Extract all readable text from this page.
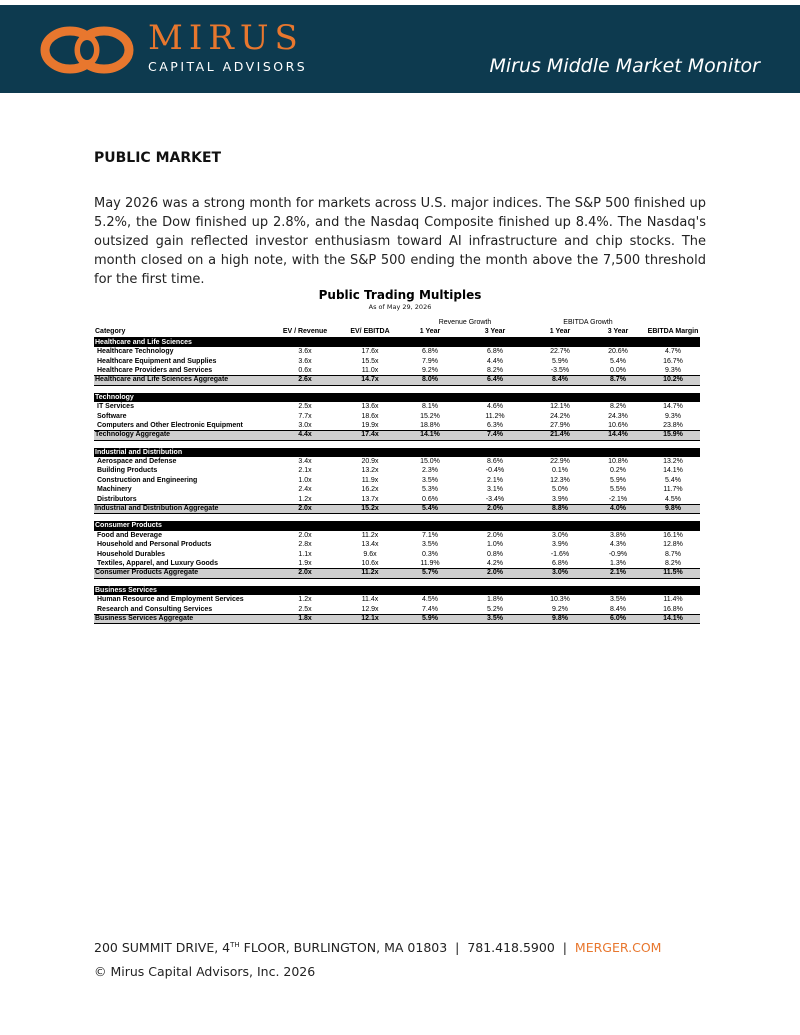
MIRUS
CAPITAL ADVISORS	Mirus Middle Market Monitor
PUBLIC MARKET
May 2026 was a strong month for markets across U.S. major indices. The S&P 500 finished up 5.2%, the Dow finished up 2.8%, and the Nasdaq Composite finished up 8.4%. The Nasdaq's outsized gain reflected investor enthusiasm toward AI infrastructure and chip stocks. The month closed on a high note, with the S&P 500 ending the month above the 7,500 threshold for the first time.
Public Trading Multiples
As of May 29, 2026
Revenue Growth	EBITDA Growth
Category	EV / Revenue	EV/ EBITDA	1 Year	3 Year	1 Year	3 Year	EBITDA Margin
Healthcare and Life Sciences
Healthcare Technology	3.6x	17.6x	6.8%	6.8%	22.7%	20.6%	4.7%
Healthcare Equipment and Supplies	3.6x	15.5x	7.9%	4.4%	5.9%	5.4%	16.7%
Healthcare Providers and Services	0.6x	11.0x	9.2%	8.2%	-3.5%	0.0%	9.3%
Healthcare and Life Sciences Aggregate	2.6x	14.7x	8.0%	6.4%	8.4%	8.7%	10.2%
Technology
IT Services	2.5x	13.6x	8.1%	4.6%	12.1%	8.2%	14.7%
Software	7.7x	18.6x	15.2%	11.2%	24.2%	24.3%	9.3%
Computers and Other Electronic Equipment	3.0x	19.9x	18.8%	6.3%	27.9%	10.6%	23.8%
Technology Aggregate	4.4x	17.4x	14.1%	7.4%	21.4%	14.4%	15.9%
Industrial and Distribution
Aerospace and Defense	3.4x	20.9x	15.0%	8.6%	22.9%	10.8%	13.2%
Building Products	2.1x	13.2x	2.3%	-0.4%	0.1%	0.2%	14.1%
Construction and Engineering	1.0x	11.9x	3.5%	2.1%	12.3%	5.9%	5.4%
Machinery	2.4x	16.2x	5.3%	3.1%	5.0%	5.5%	11.7%
Distributors	1.2x	13.7x	0.6%	-3.4%	3.9%	-2.1%	4.5%
Industrial and Distribution Aggregate	2.0x	15.2x	5.4%	2.0%	8.8%	4.0%	9.8%
Consumer Products
Food and Beverage	2.0x	11.2x	7.1%	2.0%	3.0%	3.8%	16.1%
Household and Personal Products	2.8x	13.4x	3.5%	1.0%	3.9%	4.3%	12.8%
Household Durables	1.1x	9.6x	0.3%	0.8%	-1.6%	-0.9%	8.7%
Textiles, Apparel, and Luxury Goods	1.9x	10.6x	11.9%	4.2%	6.8%	1.3%	8.2%
Consumer Products Aggregate	2.0x	11.2x	5.7%	2.0%	3.0%	2.1%	11.5%
Business Services
Human Resource and Employment Services	1.2x	11.4x	4.5%	1.8%	10.3%	3.5%	11.4%
Research and Consulting Services	2.5x	12.9x	7.4%	5.2%	9.2%	8.4%	16.8%
Business Services Aggregate	1.8x	12.1x	5.9%	3.5%	9.8%	6.0%	14.1%
200 SUMMIT DRIVE, 4TH FLOOR, BURLINGTON, MA 01803 | 781.418.5900 | MERGER.COM
© Mirus Capital Advisors, Inc. 2026
